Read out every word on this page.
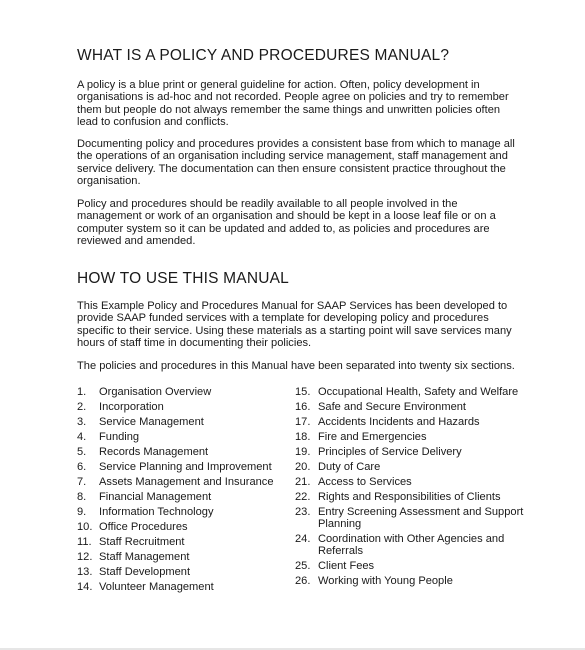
WHAT IS A POLICY AND PROCEDURES MANUAL?

A policy is a blue print or general guideline for action. Often, policy development in organisations is ad-hoc and not recorded. People agree on policies and try to remember them but people do not always remember the same things and unwritten policies often lead to confusion and conflicts.

Documenting policy and procedures provides a consistent base from which to manage all the operations of an organisation including service management, staff management and service delivery. The documentation can then ensure consistent practice throughout the organisation.

Policy and procedures should be readily available to all people involved in the management or work of an organisation and should be kept in a loose leaf file or on a computer system so it can be updated and added to, as policies and procedures are reviewed and amended.

HOW TO USE THIS MANUAL

This Example Policy and Procedures Manual for SAAP Services has been developed to provide SAAP funded services with a template for developing policy and procedures specific to their service. Using these materials as a starting point will save services many hours of staff time in documenting their policies.

The policies and procedures in this Manual have been separated into twenty six sections.

1.	Organisation Overview
2.	Incorporation
3.	Service Management
4.	Funding
5.	Records Management
6.	Service Planning and Improvement
7.	Assets Management and Insurance
8.	Financial Management
9.	Information Technology
10. Office Procedures
11. Staff Recruitment
12. Staff Management
13. Staff Development
14. Volunteer Management
15. Occupational Health, Safety and Welfare
16. Safe and Secure Environment
17. Accidents Incidents and Hazards
18. Fire and Emergencies
19. Principles of Service Delivery
20. Duty of Care
21. Access to Services
22. Rights and Responsibilities of Clients
23. Entry Screening Assessment and Support Planning
24. Coordination with Other Agencies and Referrals
25. Client Fees
26. Working with Young People
